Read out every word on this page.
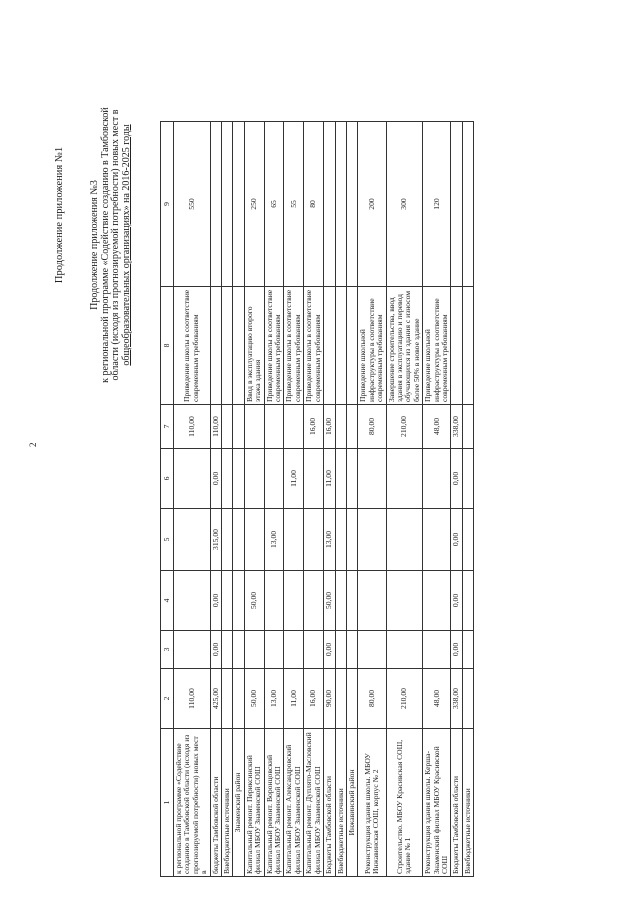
2
Продолжение приложения №1 Продолжение приложения №3 к региональной программе «Содействие созданию в Тамбовской области (исходя из прогнозируемой потребности) новых мест в общеобразовательных организациях» на 2016-2025 годы
1	2	3	4	5	6	7	8	9
к региональной программе «Содействие созданию в Тамбовской области (исходя из прогнозируемой потребности) новых мест в	110,00					110,00	Приведение школы в соответствие современным требованиям	550
бюджеты Тамбовской области	425,00	0,00	0,00	315,00	0,00	110,00		
Внебюджетные источники								
Знаменский район								
Капитальный ремонт. Периксинский филиал МБОУ Знаменской СОШ	50,00		50,00				Ввод в эксплуатацию второго этажа здания	250
Капитальный ремонт. Воронцовский филиал МБОУ Знаменской СОШ	13,00			13,00			Приведение школы в соответствие современным требованиям	65
Капитальный ремонт. Александровский филиал МБОУ Знаменской СОШ	11,00				11,00		Приведение школы в соответствие современным требованиям	55
Капитальный ремонт. Дуплято-Масловский филиал МБОУ Знаменской СОШ	16,00					16,00	Приведение школы в соответствие современным требованиям	80
Бюджеты Тамбовской области	90,00	0,00	50,00	13,00	11,00	16,00		
Внебюджетные источники								
Инжавинский район								
Реконструкция здания школы. МБОУ Инжавинская СОШ, корпус № 2	80,00					80,00	Приведение школьной инфраструктуры в соответствие современным требованиям	200
Строительство. МБОУ Красивская СОШ, здание № 1	210,00					210,00	Завершение строительства, ввод здания в эксплуатацию и перевод обучающихся из здания с износом более 50% в новое здание	300
Реконструкция здания школы. Керша-Знаменский филиал МБОУ Красивской СОШ	48,00					48,00	Приведение школьной инфраструктуры в соответствие современным требованиям	120
Бюджеты Тамбовской области	338,00	0,00	0,00	0,00	0,00	338,00		
Внебюджетные источники								
